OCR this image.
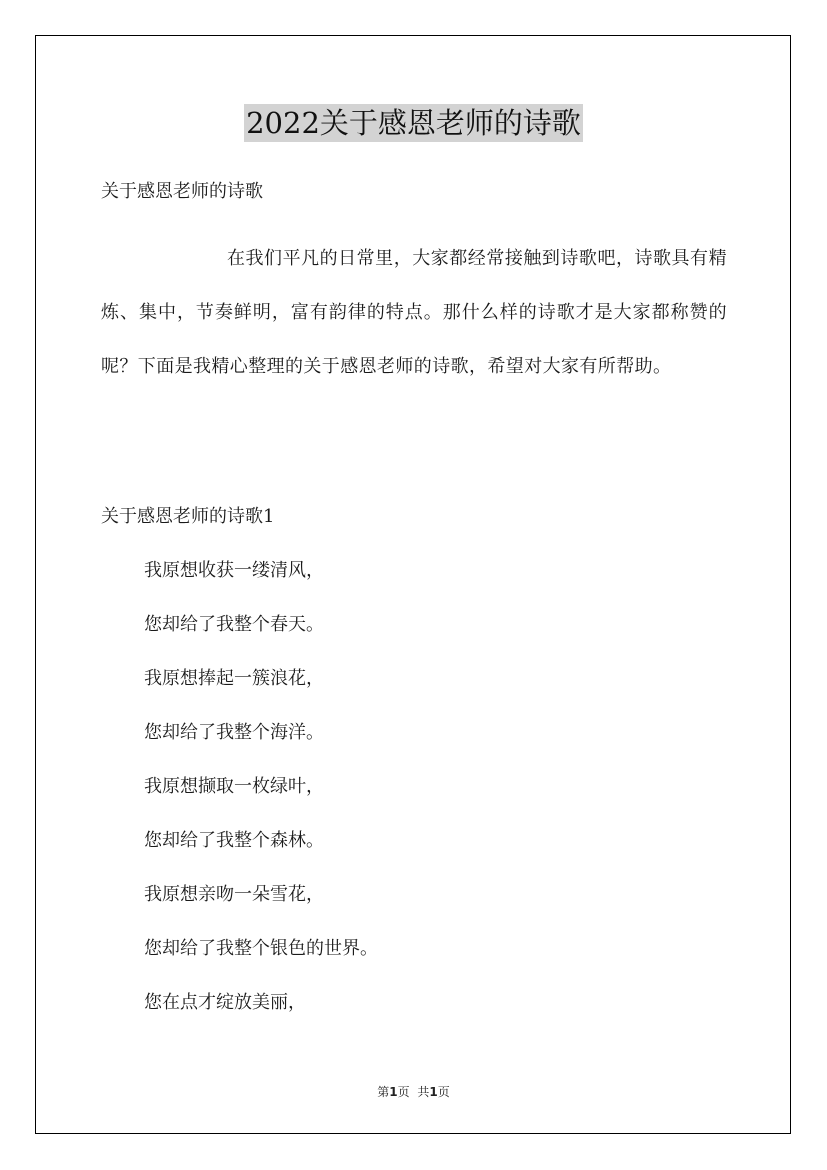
2022关于感恩老师的诗歌
关于感恩老师的诗歌

在我们平凡的日常里，大家都经常接触到诗歌吧，诗歌具有精炼、集中，节奏鲜明，富有韵律的特点。那什么样的诗歌才是大家都称赞的呢？下面是我精心整理的关于感恩老师的诗歌，希望对大家有所帮助。

关于感恩老师的诗歌1
我原想收获一缕清风，
您却给了我整个春天。
我原想捧起一簇浪花，
您却给了我整个海洋。
我原想撷取一枚绿叶，
您却给了我整个森林。
我原想亲吻一朵雪花，
您却给了我整个银色的世界。
您在点才绽放美丽，
第1页 共1页
